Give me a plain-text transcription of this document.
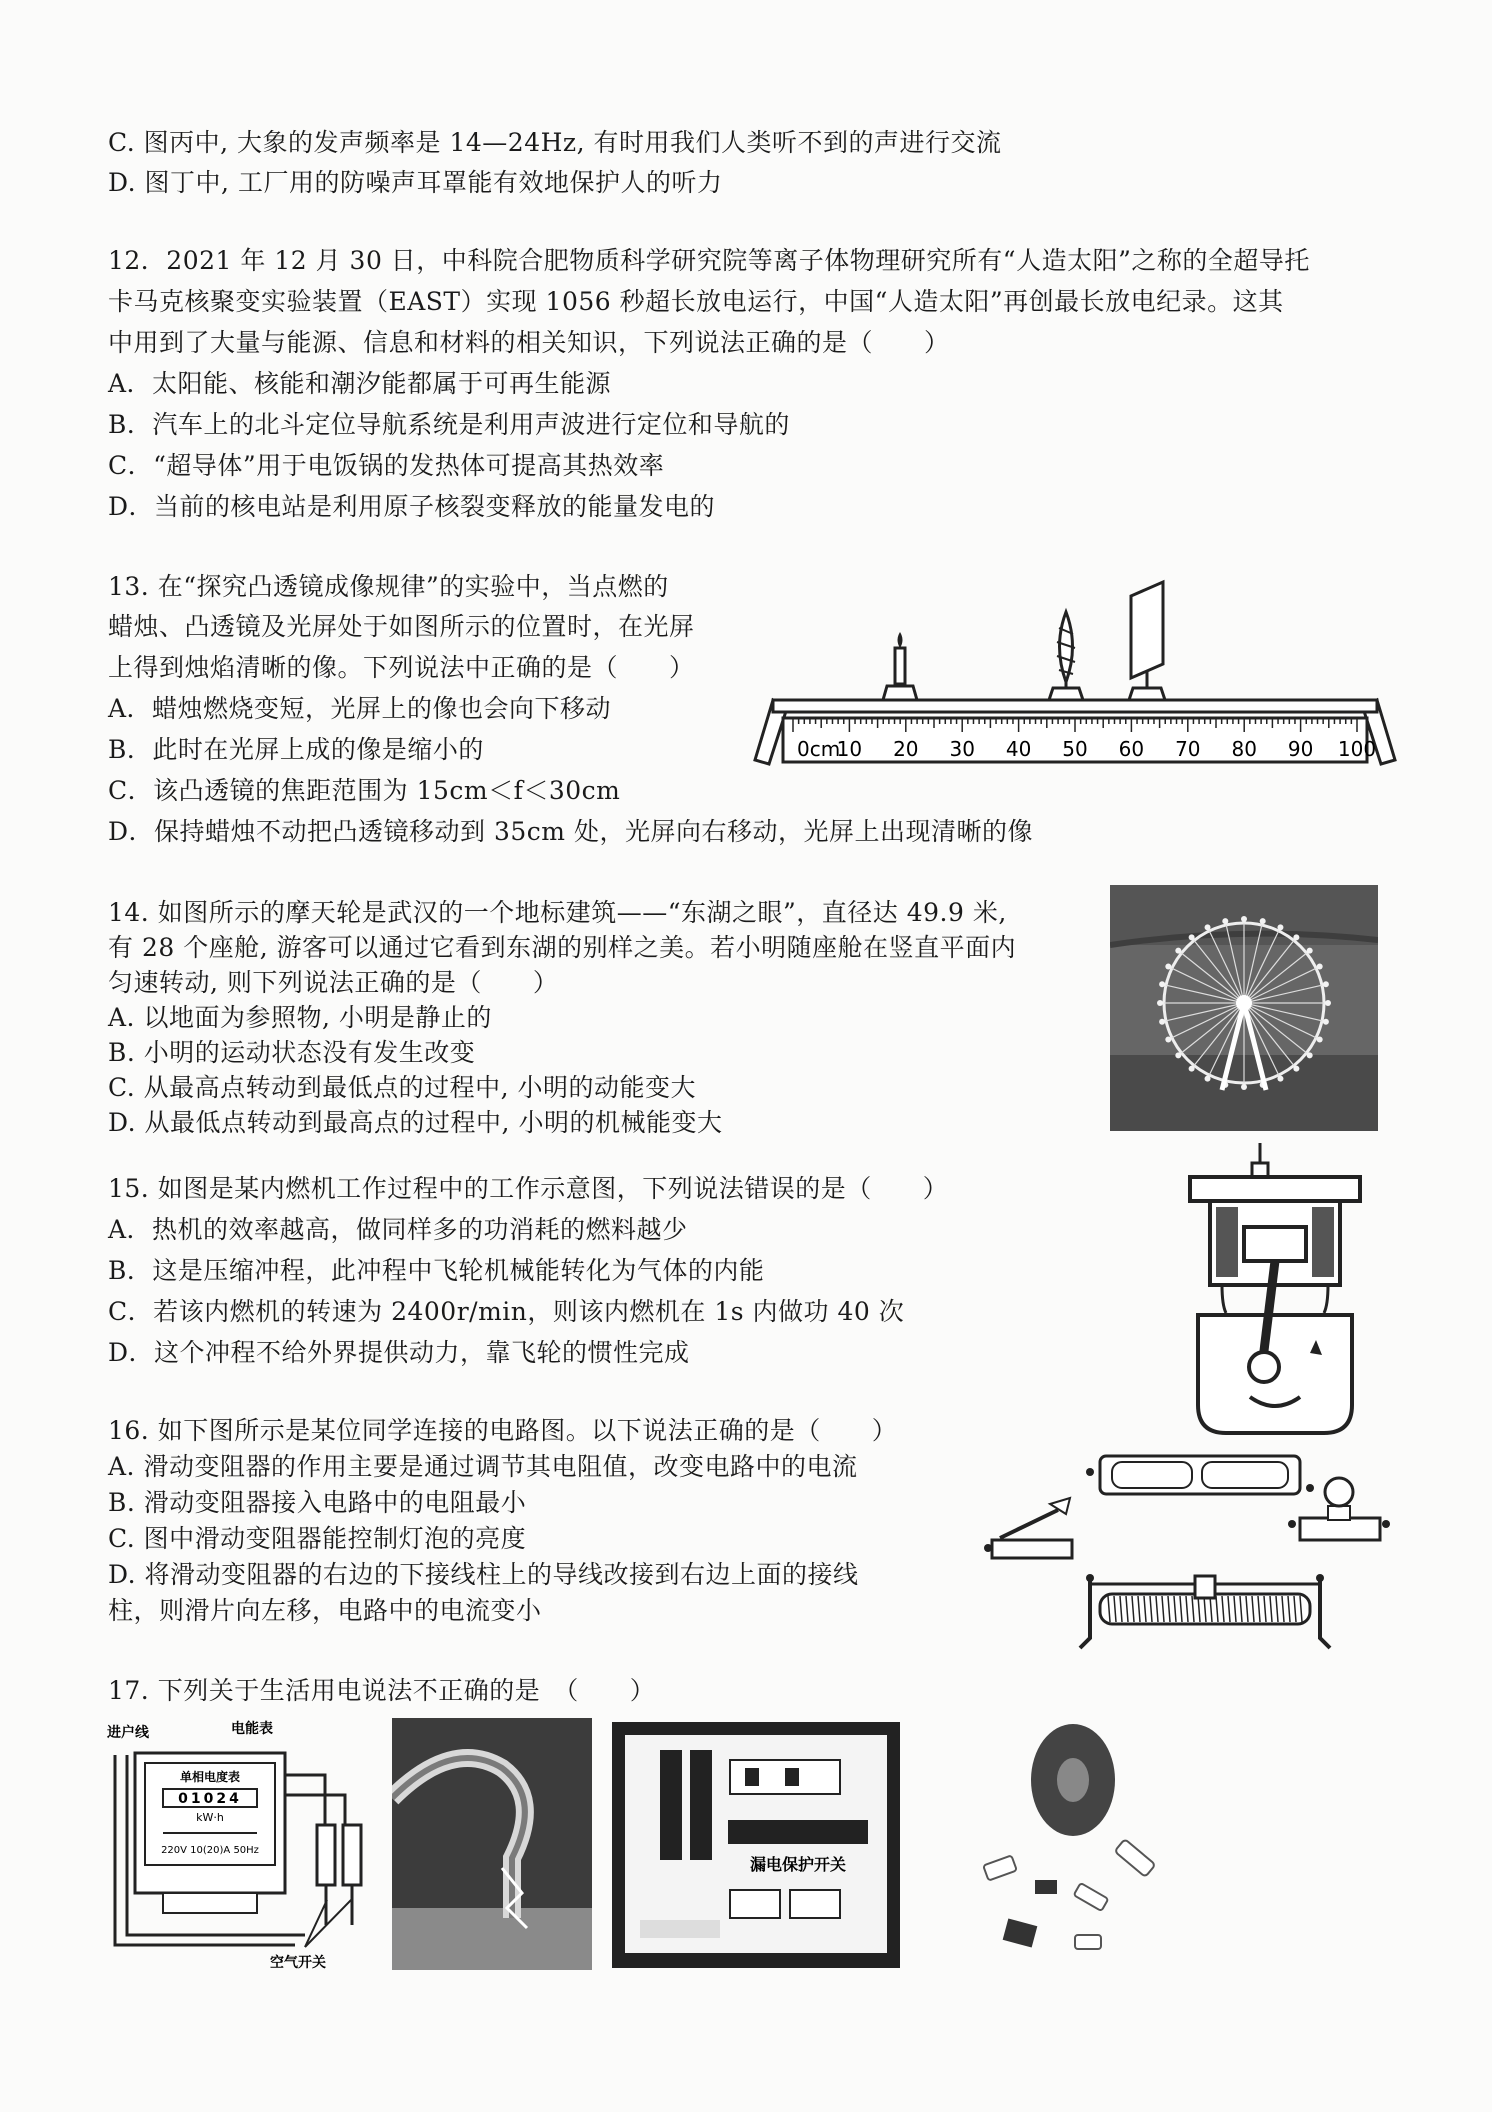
C. 图丙中, 大象的发声频率是 14—24Hz, 有时用我们人类听不到的声进行交流
D. 图丁中, 工厂用的防噪声耳罩能有效地保护人的听力
12．2021 年 12 月 30 日，中科院合肥物质科学研究院等离子体物理研究所有“人造太阳”之称的全超导托
卡马克核聚变实验装置（EAST）实现 1056 秒超长放电运行，中国“人造太阳”再创最长放电纪录。这其
中用到了大量与能源、信息和材料的相关知识，下列说法正确的是（　　）
A．太阳能、核能和潮汐能都属于可再生能源
B．汽车上的北斗定位导航系统是利用声波进行定位和导航的
C．“超导体”用于电饭锅的发热体可提高其热效率
D．当前的核电站是利用原子核裂变释放的能量发电的
13. 在“探究凸透镜成像规律”的实验中，当点燃的
蜡烛、凸透镜及光屏处于如图所示的位置时，在光屏
上得到烛焰清晰的像。下列说法中正确的是（　　）
A．蜡烛燃烧变短，光屏上的像也会向下移动
B．此时在光屏上成的像是缩小的
C．该凸透镜的焦距范围为 15cm＜f＜30cm
D．保持蜡烛不动把凸透镜移动到 35cm 处，光屏向右移动，光屏上出现清晰的像
0cm
10 20 30 40 50 60 70 80 90 100
14. 如图所示的摩天轮是武汉的一个地标建筑——“东湖之眼”，直径达 49.9 米,
有 28 个座舱, 游客可以通过它看到东湖的别样之美。若小明随座舱在竖直平面内
匀速转动, 则下列说法正确的是（　　）
A. 以地面为参照物, 小明是静止的
B. 小明的运动状态没有发生改变
C. 从最高点转动到最低点的过程中, 小明的动能变大
D. 从最低点转动到最高点的过程中, 小明的机械能变大
15. 如图是某内燃机工作过程中的工作示意图，下列说法错误的是（　　）
A．热机的效率越高，做同样多的功消耗的燃料越少
B．这是压缩冲程，此冲程中飞轮机械能转化为气体的内能
C．若该内燃机的转速为 2400r/min，则该内燃机在 1s 内做功 40 次
D．这个冲程不给外界提供动力，靠飞轮的惯性完成
16. 如下图所示是某位同学连接的电路图。以下说法正确的是（　　）
A. 滑动变阻器的作用主要是通过调节其电阻值，改变电路中的电流
B. 滑动变阻器接入电路中的电阻最小
C. 图中滑动变阻器能控制灯泡的亮度
D. 将滑动变阻器的右边的下接线柱上的导线改接到右边上面的接线
柱，则滑片向左移，电路中的电流变小
17. 下列关于生活用电说法不正确的是　（　　）
进户线	电能表
单相电度表
01024
kW·h
220V 10(20)A 50Hz
空气开关
漏电保护开关
